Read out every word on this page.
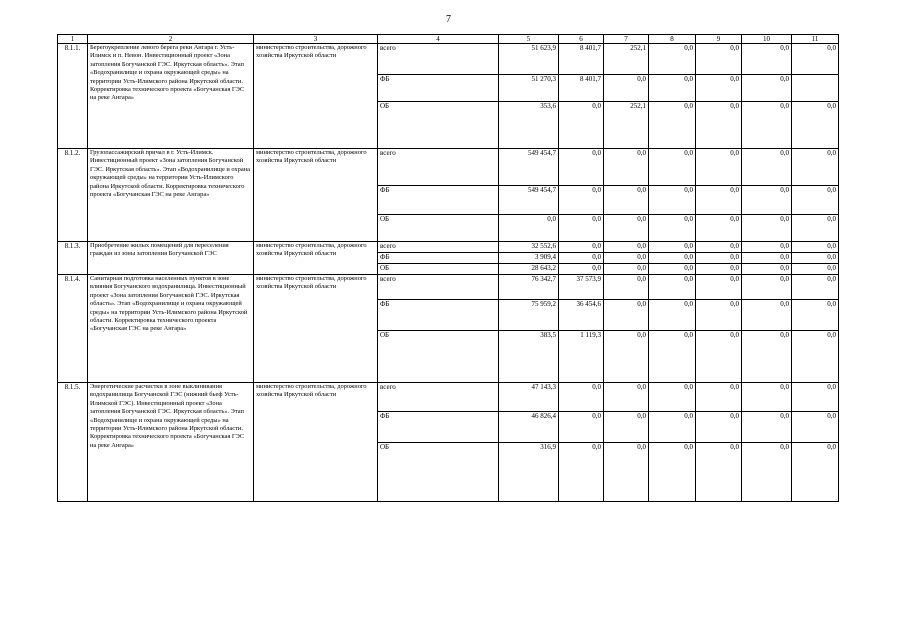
7
1	2	3	4	5	6	7	8	9	10	11
8.1.1.	Берегоукрепление левого берега реки Ангара г. Усть-Илимск и п. Невон. Инвестиционный проект «Зона затопления Богучанской ГЭС. Иркутская область». Этап «Водохранилище и охрана окружающей среды» на территории Усть-Илимского района Иркутской области. Корректировка технического проекта «Богучанская ГЭС на реке Ангара»	министерство строительства, дорожного хозяйства Иркутской области	всего	51 623,9	8 401,7	252,1	0,0	0,0	0,0	0,0
			ФБ	51 270,3	8 401,7	0,0	0,0	0,0	0,0	
			ОБ	353,6	0,0	252,1	0,0	0,0	0,0	0,0
8.1.2.	Грузопассажирский причал в г. Усть-Илимск. Инвестиционный проект «Зона затопления Богучанской ГЭС. Иркутская область». Этап «Водохранилище и охрана окружающей среды» на территории Усть-Илимского района Иркутской области. Корректировка технического проекта «Богучанская ГЭС на реке Ангара»	министерство строительства, дорожного хозяйства Иркутской области	всего	549 454,7	0,0	0,0	0,0	0,0	0,0	0,0
			ФБ	549 454,7	0,0	0,0	0,0	0,0	0,0	0,0
			ОБ	0,0	0,0	0,0	0,0	0,0	0,0	0,0
8.1.3.	Приобретение жилых помещений для переселения граждан из зоны затопления Богучанской ГЭС	министерство строительства, дорожного хозяйства Иркутской области	всего	32 552,6	0,0	0,0	0,0	0,0	0,0	0,0
			ФБ	3 909,4	0,0	0,0	0,0	0,0	0,0	0,0
			ОБ	28 643,2	0,0	0,0	0,0	0,0	0,0	0,0
8.1.4.	Санитарная подготовка населенных пунктов в зоне влияния Богучанского водохранилища. Инвестиционный проект «Зона затопления Богучанской ГЭС. Иркутская область». Этап «Водохранилище и охрана окружающей среды» на территории Усть-Илимского района Иркутской области. Корректировка технического проекта «Богучанская ГЭС на реке Ангара»	министерство строительства, дорожного хозяйства Иркутской области	всего	76 342,7	37 573,9	0,0	0,0	0,0	0,0	0,0
			ФБ	75 959,2	36 454,6	0,0	0,0	0,0	0,0	0,0
			ОБ	383,5	1 119,3	0,0	0,0	0,0	0,0	0,0
8.1.5.	Энергетические расчистки в зоне выклинивания водохранилища Богучанской ГЭС (нижний бьеф Усть-Илимской ГЭС). Инвестиционный проект «Зона затопления Богучанской ГЭС. Иркутская область». Этап «Водохранилище и охрана окружающей среды» на территории Усть-Илимского района Иркутской области. Корректировка технического проекта «Богучанская ГЭС на реке Ангара»	министерство строительства, дорожного хозяйства Иркутской области	всего	47 143,3	0,0	0,0	0,0	0,0	0,0	0,0
			ФБ	46 826,4	0,0	0,0	0,0	0,0	0,0	0,0
			ОБ	316,9	0,0	0,0	0,0	0,0	0,0	0,0
